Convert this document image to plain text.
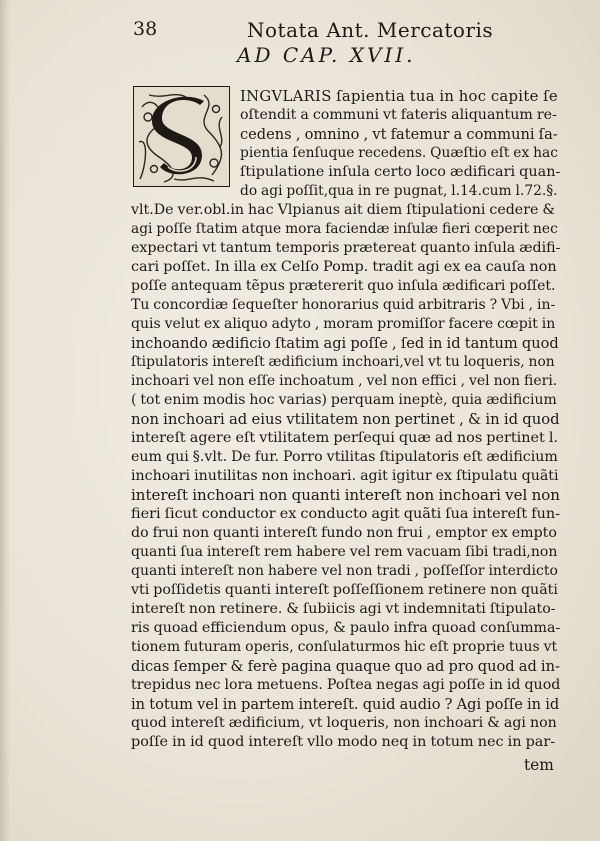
38	Notata Ant. Mercatoris
AD CAP. XVII.
INGVLARIS ſapientia tua in hoc capite ſe
oſtendit a communi vt fateris aliquantum re-
cedens , omnino , vt fatemur a communi ſa-
pientia ſenſuque recedens. Quæſtio eſt ex hac
ſtipulatione inſula certo loco ædificari quan-
do agi poſſit,qua in re pugnat, l.14.cum l.72.§.
vlt.De ver.obl.in hac Vlpianus ait diem ſtipulationi cedere &
agi poſſe ſtatim atque mora faciendæ inſulæ fieri cœperit nec
expectari vt tantum temporis prætereat quanto inſula ædifi-
cari poſſet. In illa ex Celſo Pomp. tradit agi ex ea cauſa non
poſſe antequam tẽpus prætererit quo inſula ædificari poſſet.
Tu concordiæ ſequeſter honorarius quid arbitraris ? Vbi , in-
quis velut ex aliquo adyto , moram promiſſor facere cœpit in
inchoando ædificio ſtatim agi poſſe , ſed in id tantum quod
ſtipulatoris intereſt ædificium inchoari,vel vt tu loqueris, non
inchoari vel non eſſe inchoatum , vel non effici , vel non fieri.
( tot enim modis hoc varias) perquam ineptè, quia ædificium
non inchoari ad eius vtilitatem non pertinet , & in id quod
intereſt agere eſt vtilitatem perſequi quæ ad nos pertinet l.
eum qui §.vlt. De fur. Porro vtilitas ſtipulatoris eſt ædificium
inchoari inutilitas non inchoari. agit igitur ex ſtipulatu quãti
intereſt inchoari non quanti intereſt non inchoari vel non
fieri ſicut conductor ex conducto agit quãti ſua intereſt fun-
do frui non quanti intereſt fundo non frui , emptor ex empto
quanti ſua intereſt rem habere vel rem vacuam ſibi tradi,non
quanti intereſt non habere vel non tradi , poſſeſſor interdicto
vti poſſidetis quanti intereſt poſſeſſionem retinere non quãti
intereſt non retinere. & ſubiicis agi vt indemnitati ſtipulato-
ris quoad efficiendum opus, & paulo infra quoad conſumma-
tionem futuram operis, conſulaturmos hic eſt proprie tuus vt
dicas ſemper & ferè pagina quaque quo ad pro quod ad in-
trepidus nec lora metuens. Poſtea negas agi poſſe in id quod
in totum vel in partem intereſt. quid audio ? Agi poſſe in id
quod intereſt ædificium, vt loqueris, non inchoari & agi non
poſſe in id quod intereſt vllo modo neq in totum nec in par-
tem
